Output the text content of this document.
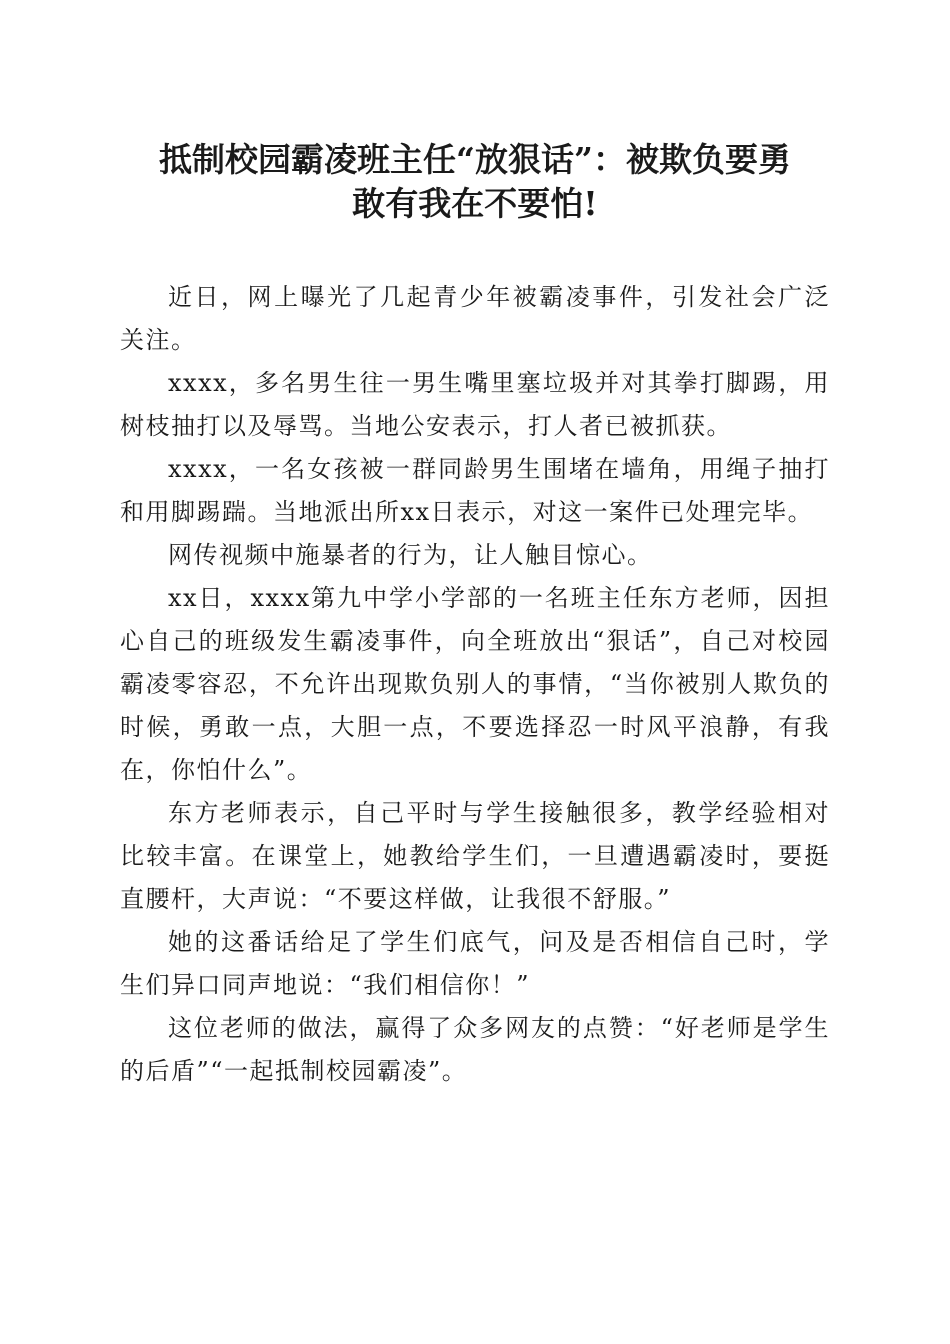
抵制校园霸凌班主任“放狠话”：被欺负要勇
敢有我在不要怕!

近日，网上曝光了几起青少年被霸凌事件，引发社会广泛关注。

xxxx，多名男生往一男生嘴里塞垃圾并对其拳打脚踢，用树枝抽打以及辱骂。当地公安表示，打人者已被抓获。

xxxx，一名女孩被一群同龄男生围堵在墙角，用绳子抽打和用脚踢踹。当地派出所xx日表示，对这一案件已处理完毕。

网传视频中施暴者的行为，让人触目惊心。

xx日，xxxx第九中学小学部的一名班主任东方老师，因担心自己的班级发生霸凌事件，向全班放出“狠话”，自己对校园霸凌零容忍，不允许出现欺负别人的事情，“当你被别人欺负的时候，勇敢一点，大胆一点，不要选择忍一时风平浪静，有我在，你怕什么”。

东方老师表示，自己平时与学生接触很多，教学经验相对比较丰富。在课堂上，她教给学生们，一旦遭遇霸凌时，要挺直腰杆，大声说：“不要这样做，让我很不舒服。”

她的这番话给足了学生们底气，问及是否相信自己时，学生们异口同声地说：“我们相信你！”

这位老师的做法，赢得了众多网友的点赞：“好老师是学生的后盾”“一起抵制校园霸凌”。
